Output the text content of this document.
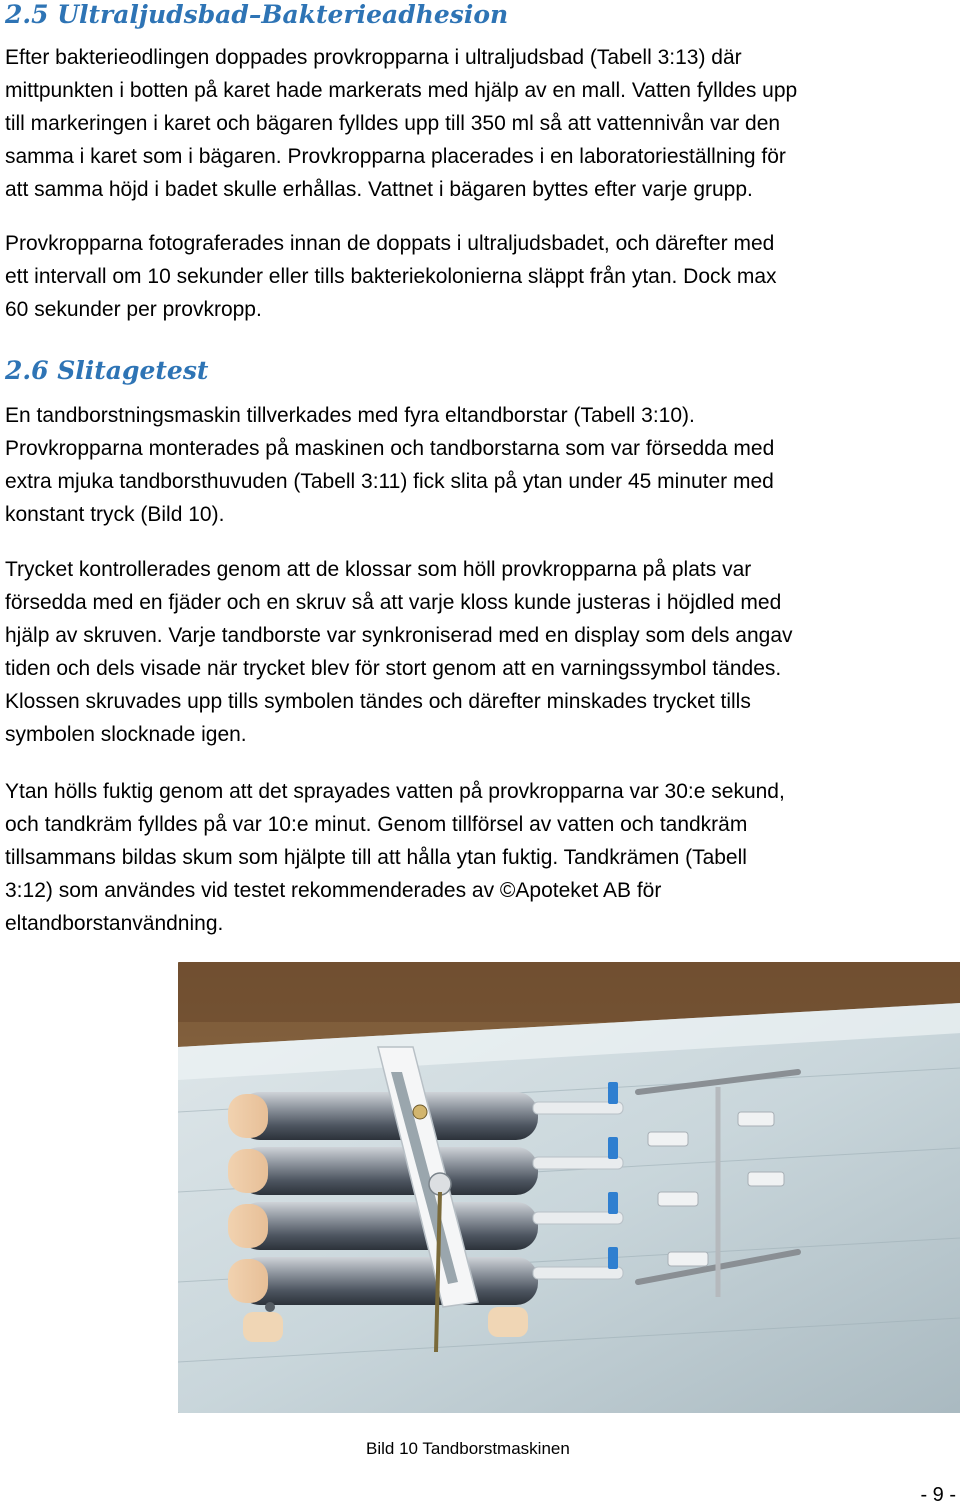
2.5 Ultraljudsbad–Bakterieadhesion

Efter bakterieodlingen doppades provkropparna i ultraljudsbad (Tabell 3:13) där
mittpunkten i botten på karet hade markerats med hjälp av en mall. Vatten fylldes upp
till markeringen i karet och bägaren fylldes upp till 350 ml så att vattennivån var den
samma i karet som i bägaren. Provkropparna placerades i en laboratorieställning för
att samma höjd i badet skulle erhållas. Vattnet i bägaren byttes efter varje grupp.

Provkropparna fotograferades innan de doppats i ultraljudsbadet, och därefter med
ett intervall om 10 sekunder eller tills bakteriekolonierna släppt från ytan. Dock max
60 sekunder per provkropp.

2.6 Slitagetest

En tandborstningsmaskin tillverkades med fyra eltandborstar (Tabell 3:10).
Provkropparna monterades på maskinen och tandborstarna som var försedda med
extra mjuka tandborsthuvuden (Tabell 3:11) fick slita på ytan under 45 minuter med
konstant tryck (Bild 10).

Trycket kontrollerades genom att de klossar som höll provkropparna på plats var
försedda med en fjäder och en skruv så att varje kloss kunde justeras i höjdled med
hjälp av skruven. Varje tandborste var synkroniserad med en display som dels angav
tiden och dels visade när trycket blev för stort genom att en varningssymbol tändes.
Klossen skruvades upp tills symbolen tändes och därefter minskades trycket tills
symbolen slocknade igen.

Ytan hölls fuktig genom att det sprayades vatten på provkropparna var 30:e sekund,
och tandkräm fylldes på var 10:e minut. Genom tillförsel av vatten och tandkräm
tillsammans bildas skum som hjälpte till att hålla ytan fuktig. Tandkrämen (Tabell
3:12) som användes vid testet rekommenderades av ©Apoteket AB för
eltandborstanvändning.

Bild 10 Tandborstmaskinen
- 9 -
